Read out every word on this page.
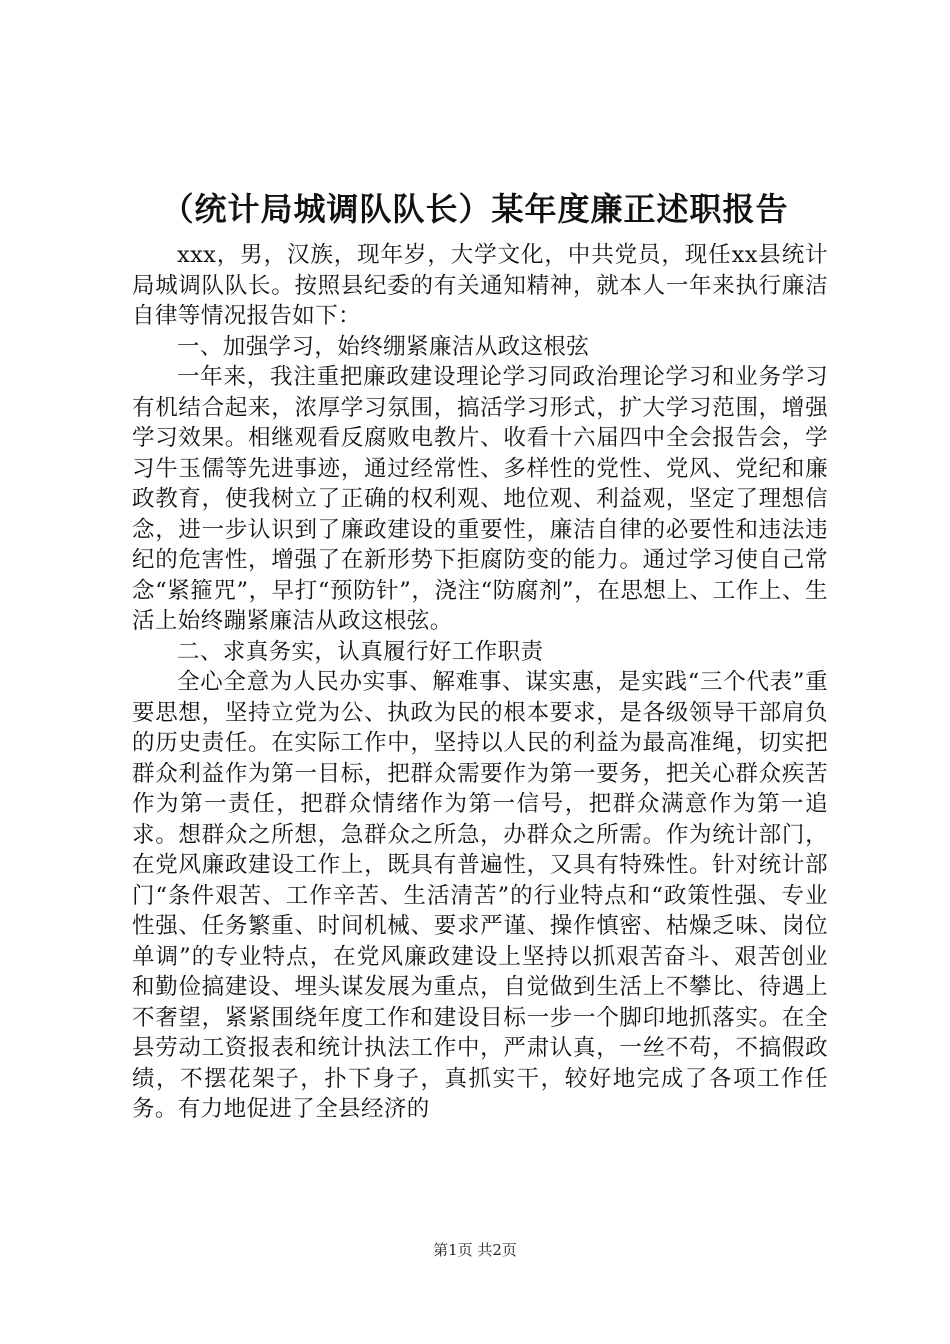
（统计局城调队队长）某年度廉正述职报告

xxx，男，汉族，现年岁，大学文化，中共党员，现任xx县统计局城调队队长。按照县纪委的有关通知精神，就本人一年来执行廉洁自律等情况报告如下：

一、加强学习，始终绷紧廉洁从政这根弦

一年来，我注重把廉政建设理论学习同政治理论学习和业务学习有机结合起来，浓厚学习氛围，搞活学习形式，扩大学习范围，增强学习效果。相继观看反腐败电教片、收看十六届四中全会报告会，学习牛玉儒等先进事迹，通过经常性、多样性的党性、党风、党纪和廉政教育，使我树立了正确的权利观、地位观、利益观，坚定了理想信念，进一步认识到了廉政建设的重要性，廉洁自律的必要性和违法违纪的危害性，增强了在新形势下拒腐防变的能力。通过学习使自己常念“紧箍咒”，早打“预防针”，浇注“防腐剂”，在思想上、工作上、生活上始终蹦紧廉洁从政这根弦。

二、求真务实，认真履行好工作职责

全心全意为人民办实事、解难事、谋实惠，是实践“三个代表”重要思想，坚持立党为公、执政为民的根本要求，是各级领导干部肩负的历史责任。在实际工作中，坚持以人民的利益为最高准绳，切实把群众利益作为第一目标，把群众需要作为第一要务，把关心群众疾苦作为第一责任，把群众情绪作为第一信号，把群众满意作为第一追求。想群众之所想，急群众之所急，办群众之所需。作为统计部门，在党风廉政建设工作上，既具有普遍性，又具有特殊性。针对统计部门“条件艰苦、工作辛苦、生活清苦”的行业特点和“政策性强、专业性强、任务繁重、时间机械、要求严谨、操作慎密、枯燥乏味、岗位单调”的专业特点，在党风廉政建设上坚持以抓艰苦奋斗、艰苦创业和勤俭搞建设、埋头谋发展为重点，自觉做到生活上不攀比、待遇上不奢望，紧紧围绕年度工作和建设目标一步一个脚印地抓落实。在全县劳动工资报表和统计执法工作中，严肃认真，一丝不苟，不搞假政绩，不摆花架子，扑下身子，真抓实干，较好地完成了各项工作任务。有力地促进了全县经济的

第1页 共2页
